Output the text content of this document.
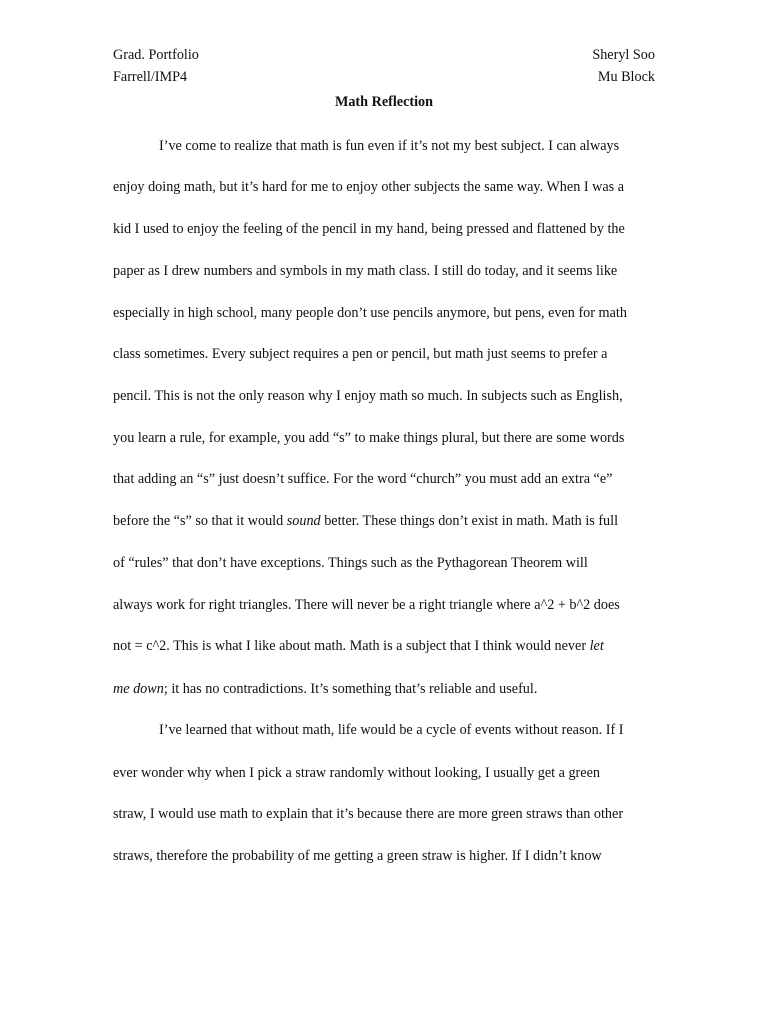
Grad. Portfolio	Sheryl Soo
Farrell/IMP4	Mu Block
Math Reflection
I’ve come to realize that math is fun even if it’s not my best subject. I can always
enjoy doing math, but it’s hard for me to enjoy other subjects the same way. When I was a
kid I used to enjoy the feeling of the pencil in my hand, being pressed and flattened by the
paper as I drew numbers and symbols in my math class. I still do today, and it seems like
especially in high school, many people don’t use pencils anymore, but pens, even for math
class sometimes. Every subject requires a pen or pencil, but math just seems to prefer a
pencil. This is not the only reason why I enjoy math so much. In subjects such as English,
you learn a rule, for example, you add “s” to make things plural, but there are some words
that adding an “s” just doesn’t suffice. For the word “church” you must add an extra “e”
before the “s” so that it would sound better. These things don’t exist in math. Math is full
of “rules” that don’t have exceptions. Things such as the Pythagorean Theorem will
always work for right triangles. There will never be a right triangle where a^2 + b^2 does
not = c^2. This is what I like about math. Math is a subject that I think would never let
me down; it has no contradictions. It’s something that’s reliable and useful.
I’ve learned that without math, life would be a cycle of events without reason. If I
ever wonder why when I pick a straw randomly without looking, I usually get a green
straw, I would use math to explain that it’s because there are more green straws than other
straws, therefore the probability of me getting a green straw is higher. If I didn’t know
